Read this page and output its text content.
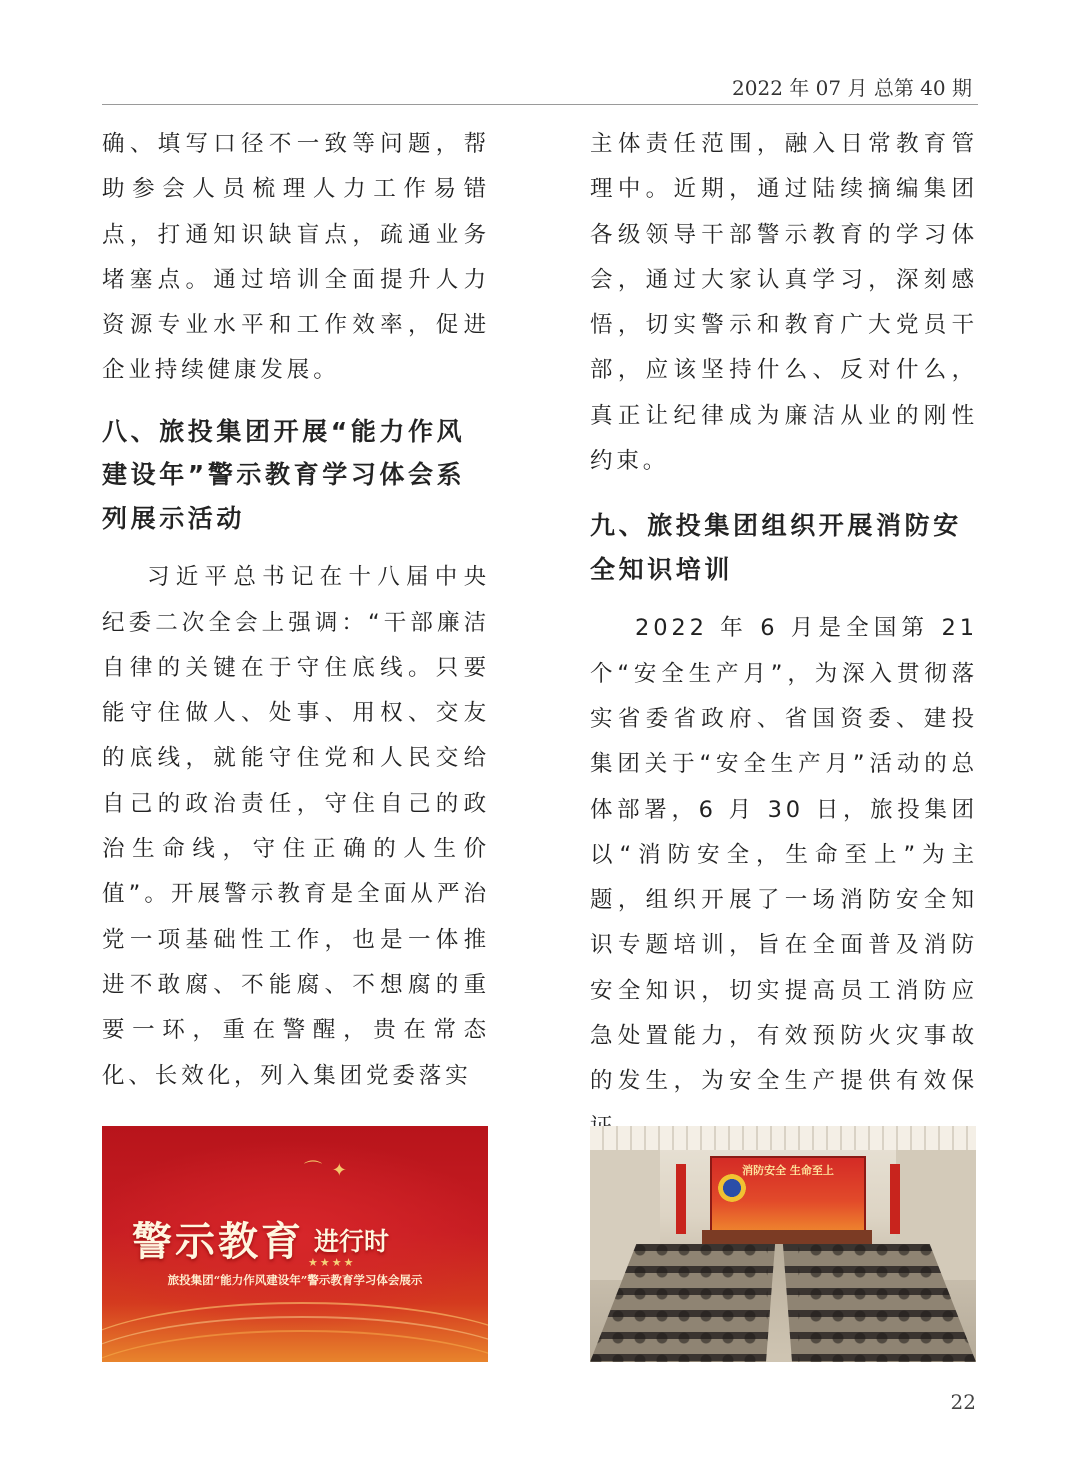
2022 年 07 月 总第 40 期

确、填写口径不一致等问题，帮助参会人员梳理人力工作易错点，打通知识缺盲点，疏通业务堵塞点。通过培训全面提升人力资源专业水平和工作效率，促进企业持续健康发展。

八、旅投集团开展“能力作风建设年”警示教育学习体会系列展示活动

习近平总书记在十八届中央纪委二次全会上强调：“干部廉洁自律的关键在于守住底线。只要能守住做人、处事、用权、交友的底线，就能守住党和人民交给自己的政治责任，守住自己的政治生命线，守住正确的人生价值”。开展警示教育是全面从严治党一项基础性工作，也是一体推进不敢腐、不能腐、不想腐的重要一环，重在警醒，贵在常态化、长效化，列入集团党委落实

主体责任范围，融入日常教育管理中。近期，通过陆续摘编集团各级领导干部警示教育的学习体会，通过大家认真学习，深刻感悟，切实警示和教育广大党员干部，应该坚持什么、反对什么，真正让纪律成为廉洁从业的刚性约束。

九、旅投集团组织开展消防安全知识培训

2022 年 6 月是全国第 21 个“安全生产月”，为深入贯彻落实省委省政府、省国资委、建投集团关于“安全生产月”活动的总体部署，6 月 30 日，旅投集团以“消防安全，生命至上”为主题，组织开展了一场消防安全知识专题培训，旨在全面普及消防安全知识，切实提高员工消防应急处置能力，有效预防火灾事故的发生，为安全生产提供有效保

⌒ ✦
警示教育 进行时
★★★★
旅投集团“能力作风建设年”警示教育学习体会展示
消防安全 生命至上
22
